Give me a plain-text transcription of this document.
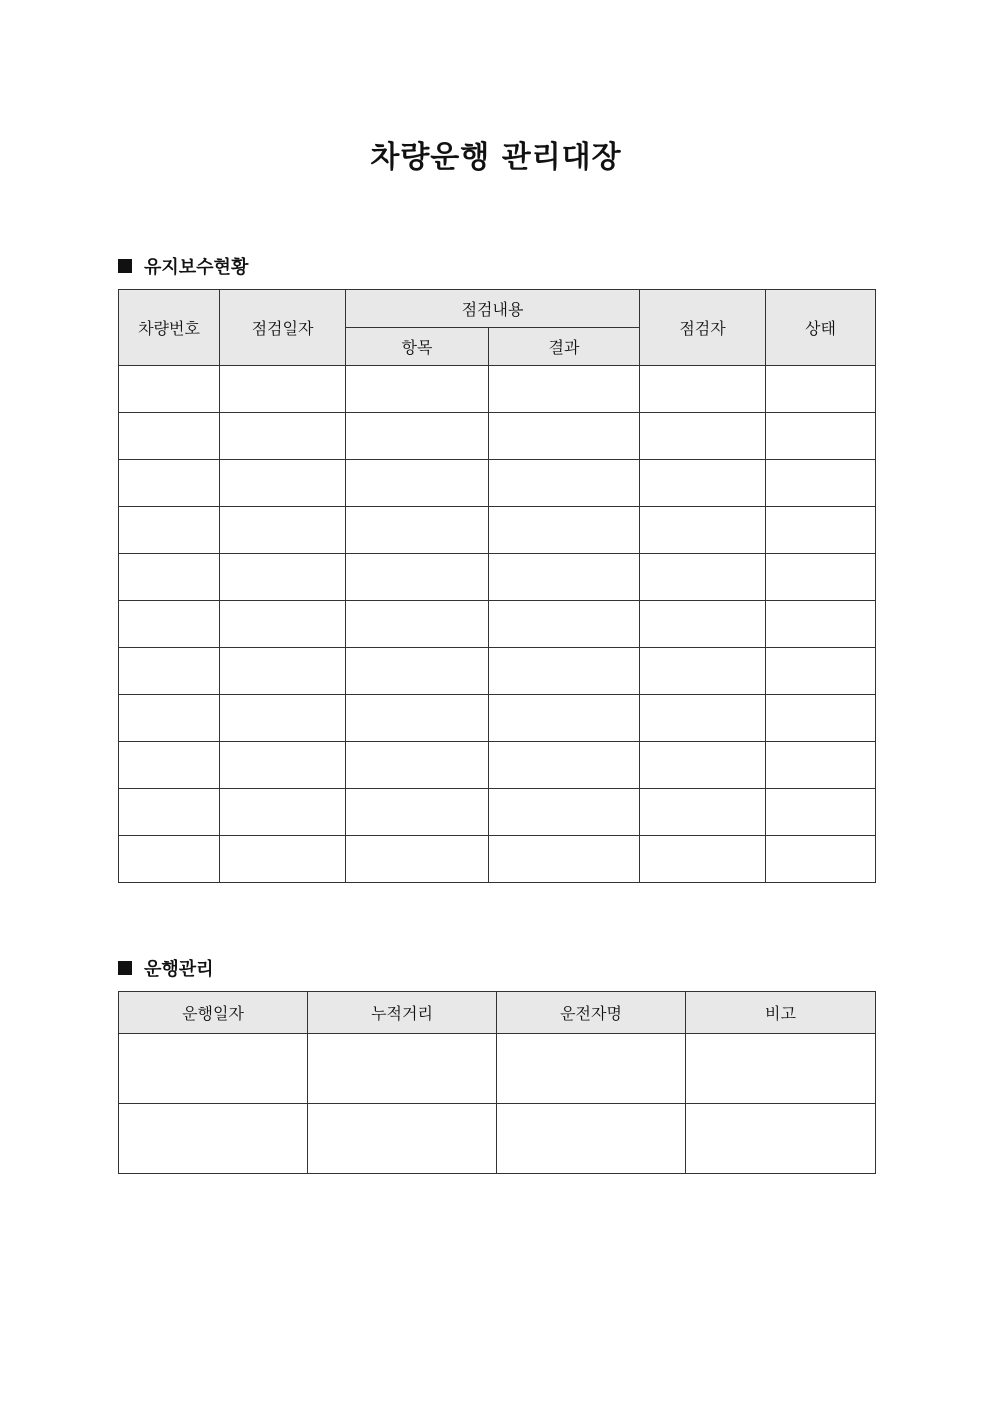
차량운행 관리대장
유지보수현황
차량번호	점검일자	점검내용		점검자	상태
		항목	결과		

운행관리
운행일자	누적거리	운전자명	비고
